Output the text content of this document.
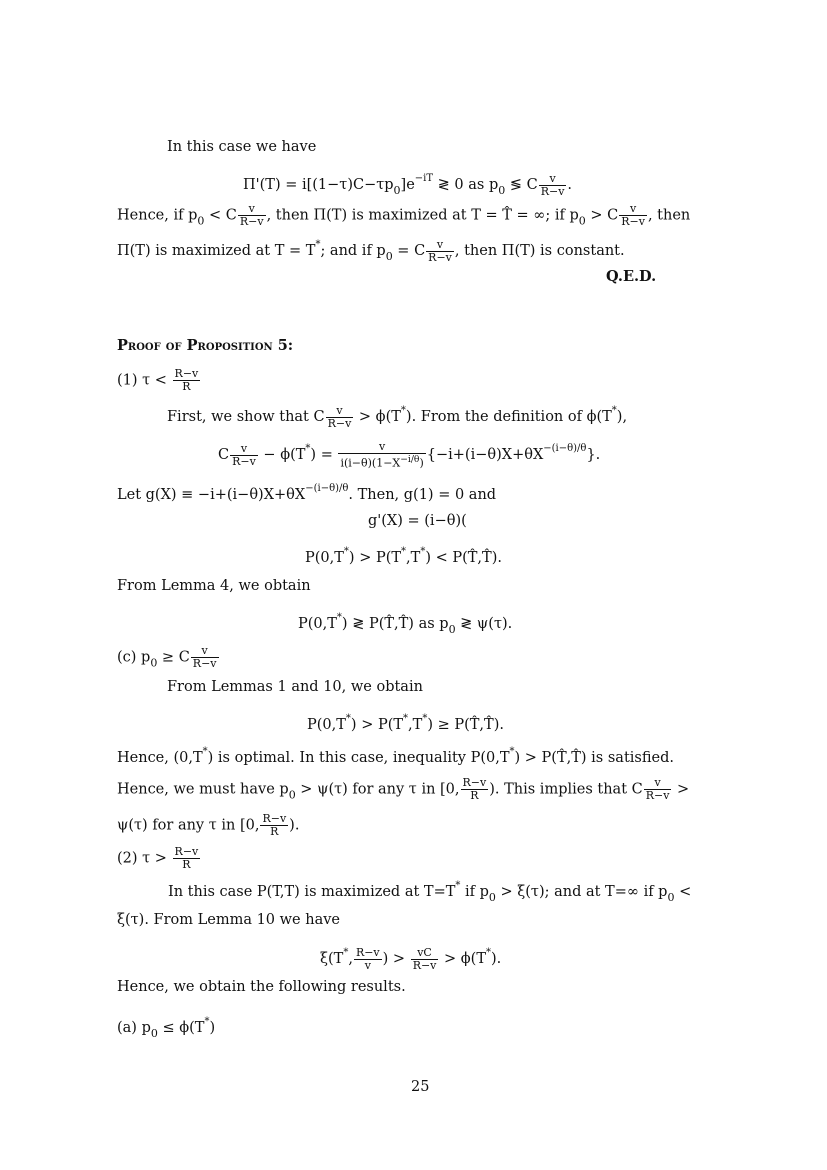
In this case we have
$\Pi'(T) = i[(1-\tau)C-\tau p_0]e^{-iT}$ ≷ 0 as $p_0$ ≶ C $\frac{v}{R-v}$ .
Hence, if $p_0 < C \frac{v}{R-v}$ , then Π(T) is maximized at T = T̂ = ∞; if $p_0 > C \frac{v}{R-v}$ , then
Π(T) is maximized at T = T*; and if $p_0 = C \frac{v}{R-v}$ , then Π(T) is constant.
Q.E.D.
Proof of Proposition 5:
(1) $\tau < \frac{R-v}{R}$
First, we show that C $\frac{v}{R-v} > \phi(T^*)$. From the definition of ϕ(T*),
C $\frac{v}{R-v} - \phi(T^*) = \frac{v}{i(i-\theta)(1-X^{-i/\theta})} \{-i+(i-\theta)X+\theta X^{-(i-\theta)/\theta}\}$.
Let $g(X) \equiv -i+(i-\theta)X+\theta X^{-(i-\theta)/\theta}$. Then, g(1) = 0 and
g'(X) = (i−θ)(
P(0,T*) > P(T*,T*) < P(T̂,T̂).
From Lemma 4, we obtain
P(0,T*) ≷ P(T̂,T̂) as $p_0$ ≷ ψ(τ).
(c) $p_0 \ge C \frac{v}{R-v}$
From Lemmas 1 and 10, we obtain
P(0,T*) > P(T*,T*) ≥ P(T̂,T̂).
Hence, (0,T*) is optimal. In this case, inequality P(0,T*) > P(T̂,T̂) is satisfied.
Hence, we must have $p_0 > \psi(\tau)$ for any τ in [0, $\frac{R-v}{R}$ ). This implies that C $\frac{v}{R-v}$ >
ψ(τ) for any τ in [0, $\frac{R-v}{R}$ ).
(2) $\tau > \frac{R-v}{R}$
In this case P(T,T) is maximized at T=T* if $p_0 > \xi(\tau)$; and at T=∞ if $p_0$ <
ξ(τ). From Lemma 10 we have
ξ(T*, $\frac{R-v}{v}$ ) > $\frac{vC}{R-v} > \phi(T^*)$.
Hence, we obtain the following results.
(a) $p_0 \le \phi(T^*)$
25
